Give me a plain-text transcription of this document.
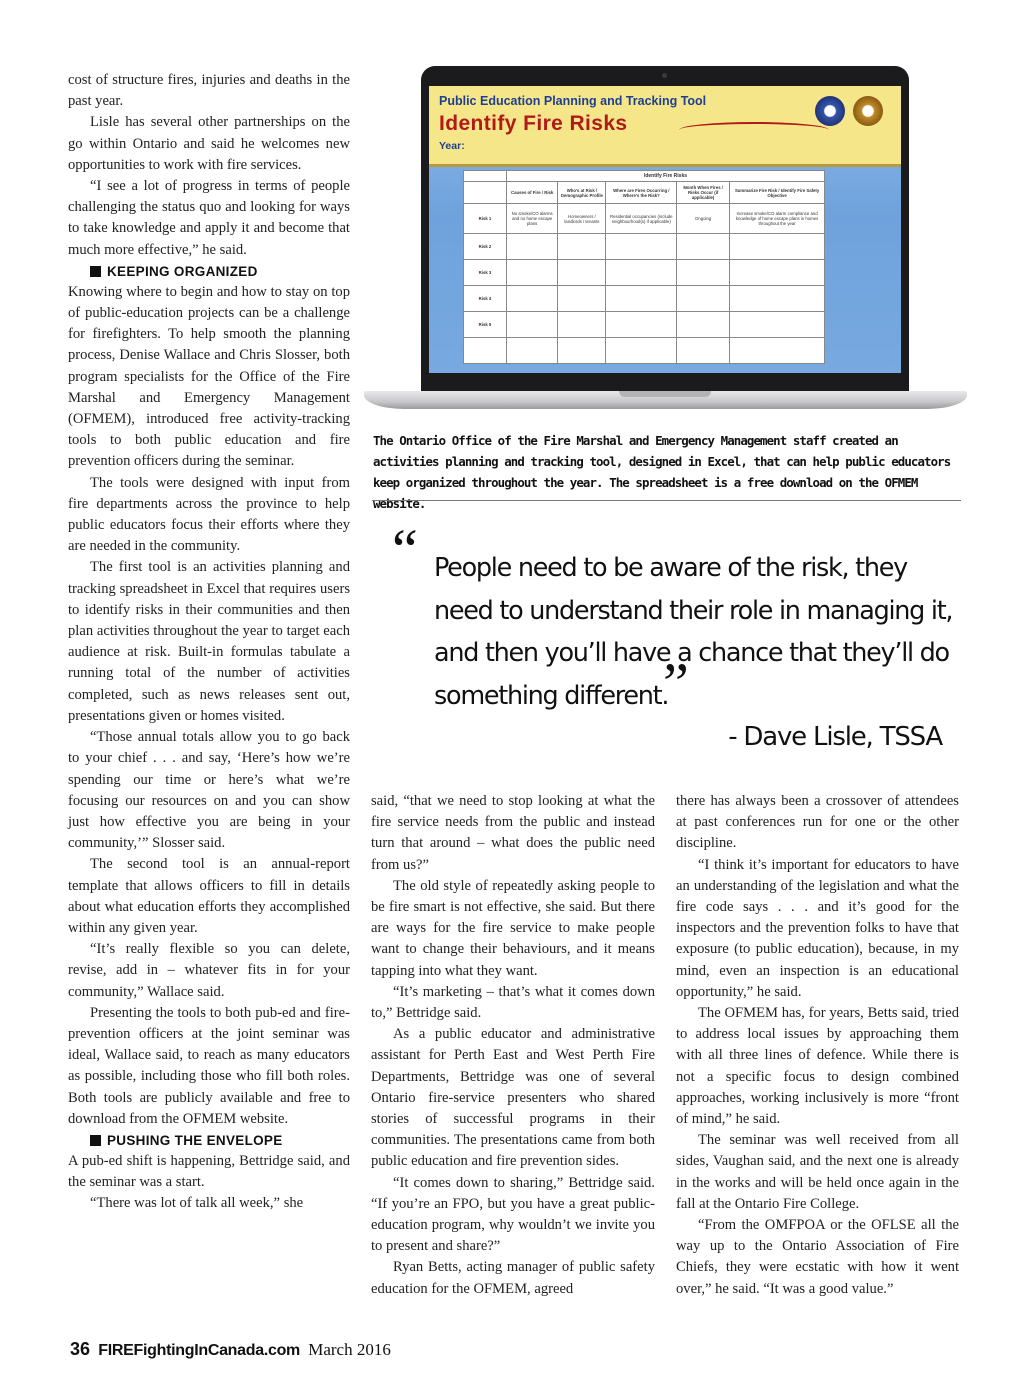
cost of structure fires, injuries and deaths in the past year.

Lisle has several other partnerships on the go within Ontario and said he welcomes new opportunities to work with fire services.

“I see a lot of progress in terms of people challenging the status quo and looking for ways to take knowledge and apply it and become that much more effective,” he said.

KEEPING ORGANIZED

Knowing where to begin and how to stay on top of public-education projects can be a challenge for firefighters. To help smooth the planning process, Denise Wallace and Chris Slosser, both program specialists for the Office of the Fire Marshal and Emergency Management (OFMEM), introduced free activity-tracking tools to both public education and fire prevention officers during the seminar.

The tools were designed with input from fire departments across the province to help public educators focus their efforts where they are needed in the community.

The first tool is an activities planning and tracking spreadsheet in Excel that requires users to identify risks in their communities and then plan activities throughout the year to target each audience at risk. Built-in formulas tabulate a running total of the number of activities completed, such as news releases sent out, presentations given or homes visited.

“Those annual totals allow you to go back to your chief . . . and say, ‘Here’s how we’re spending our time or here’s what we’re focusing our resources on and you can show just how effective you are being in your community,’” Slosser said.

The second tool is an annual-report template that allows officers to fill in details about what education efforts they accomplished within any given year.

“It’s really flexible so you can delete, revise, add in – whatever fits in for your community,” Wallace said.

Presenting the tools to both pub-ed and fire-prevention officers at the joint seminar was ideal, Wallace said, to reach as many educators as possible, including those who fill both roles. Both tools are publicly available and free to download from the OFMEM website.

PUSHING THE ENVELOPE

A pub-ed shift is happening, Bettridge said, and the seminar was a start.

“There was lot of talk all week,” she

Public Education Planning and Tracking Tool
Identify Fire Risks
Year:
	Identify Fire Risks				
	Causes of Fire / Risk	Who's at Risk / Demographic Profile	Where are Fires Occurring / Where's the Risk?	Month When Fires / Risks Occur (if applicable)	Summarize Fire Risk / Identify Fire Safety Objective
Risk 1	No smoke/CO alarms and no home escape plans	Homeowners / landlords / tenants	Residential occupancies (include neighbourhood(s) if applicable)	Ongoing	Increase smoke/CO alarm compliance and knowledge of home escape plans in homes throughout the year
Risk 2					
Risk 3					
Risk 4					
Risk 5					

The Ontario Office of the Fire Marshal and Emergency Management staff created an activities planning and tracking tool, designed in Excel, that can help public educators keep organized throughout the year. The spreadsheet is a free download on the OFMEM website.
“ People need to be aware of the risk, they need to understand their role in managing it, and then you’ll have a chance that they’ll do something different.
”
- Dave Lisle, TSSA

said, “that we need to stop looking at what the fire service needs from the public and instead turn that around – what does the public need from us?”

The old style of repeatedly asking people to be fire smart is not effective, she said. But there are ways for the fire service to make people want to change their behaviours, and it means tapping into what they want.

“It’s marketing – that’s what it comes down to,” Bettridge said.

As a public educator and administrative assistant for Perth East and West Perth Fire Departments, Bettridge was one of several Ontario fire-service presenters who shared stories of successful programs in their communities. The presentations came from both public education and fire prevention sides.

“It comes down to sharing,” Bettridge said. “If you’re an FPO, but you have a great public-education program, why wouldn’t we invite you to present and share?”

Ryan Betts, acting manager of public safety education for the OFMEM, agreed

there has always been a crossover of attendees at past conferences run for one or the other discipline.

“I think it’s important for educators to have an understanding of the legislation and what the fire code says . . . and it’s good for the inspectors and the prevention folks to have that exposure (to public education), because, in my mind, even an inspection is an educational opportunity,” he said.

The OFMEM has, for years, Betts said, tried to address local issues by approaching them with all three lines of defence. While there is not a specific focus to design combined approaches, working inclusively is more “front of mind,” he said.

The seminar was well received from all sides, Vaughan said, and the next one is already in the works and will be held once again in the fall at the Ontario Fire College.

“From the OMFPOA or the OFLSE all the way up to the Ontario Association of Fire Chiefs, they were ecstatic with how it went over,” he said. “It was a good value.”

36 FIREFightingInCanada.com March 2016
